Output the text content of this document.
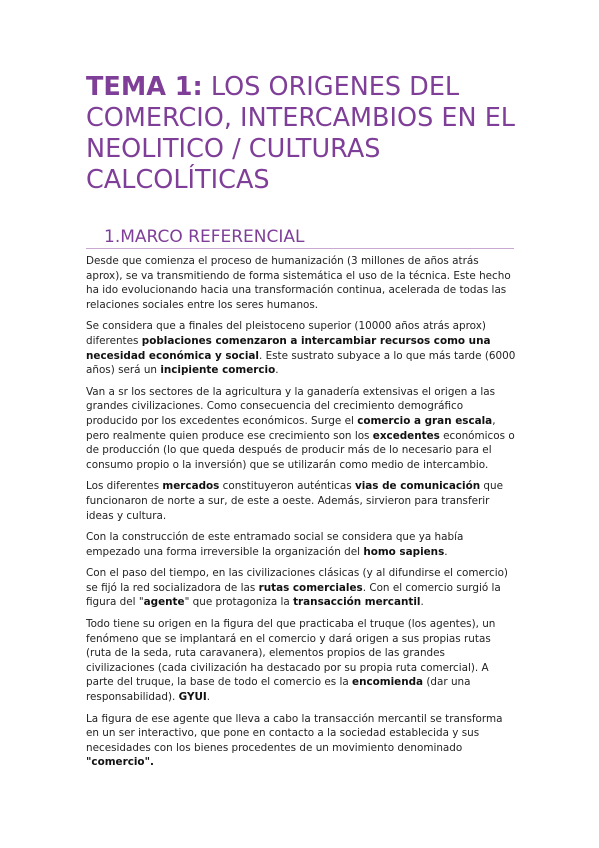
TEMA 1: LOS ORIGENES DEL COMERCIO, INTERCAMBIOS EN EL NEOLITICO / CULTURAS CALCOLÍTICAS
1.MARCO REFERENCIAL

Desde que comienza el proceso de humanización (3 millones de años atrás aprox), se va transmitiendo de forma sistemática el uso de la técnica. Este hecho ha ido evolucionando hacia una transformación continua, acelerada de todas las relaciones sociales entre los seres humanos.

Se considera que a finales del pleistoceno superior (10000 años atrás aprox) diferentes poblaciones comenzaron a intercambiar recursos como una necesidad económica y social. Este sustrato subyace a lo que más tarde (6000 años) será un incipiente comercio.

Van a sr los sectores de la agricultura y la ganadería extensivas el origen a las grandes civilizaciones. Como consecuencia del crecimiento demográfico producido por los excedentes económicos. Surge el comercio a gran escala, pero realmente quien produce ese crecimiento son los excedentes económicos o de producción (lo que queda después de producir más de lo necesario para el consumo propio o la inversión) que se utilizarán como medio de intercambio.

Los diferentes mercados constituyeron auténticas vias de comunicación que funcionaron de norte a sur, de este a oeste. Además, sirvieron para transferir ideas y cultura.

Con la construcción de este entramado social se considera que ya había empezado una forma irreversible la organización del homo sapiens.

Con el paso del tiempo, en las civilizaciones clásicas (y al difundirse el comercio) se fijó la red socializadora de las rutas comerciales. Con el comercio surgió la figura del "agente" que protagoniza la transacción mercantil.

Todo tiene su origen en la figura del que practicaba el truque (los agentes), un fenómeno que se implantará en el comercio y dará origen a sus propias rutas (ruta de la seda, ruta caravanera), elementos propios de las grandes civilizaciones (cada civilización ha destacado por su propia ruta comercial). A parte del truque, la base de todo el comercio es la encomienda (dar una responsabilidad). GYUI.

La figura de ese agente que lleva a cabo la transacción mercantil se transforma en un ser interactivo, que pone en contacto a la sociedad establecida y sus necesidades con los bienes procedentes de un movimiento denominado "comercio".
